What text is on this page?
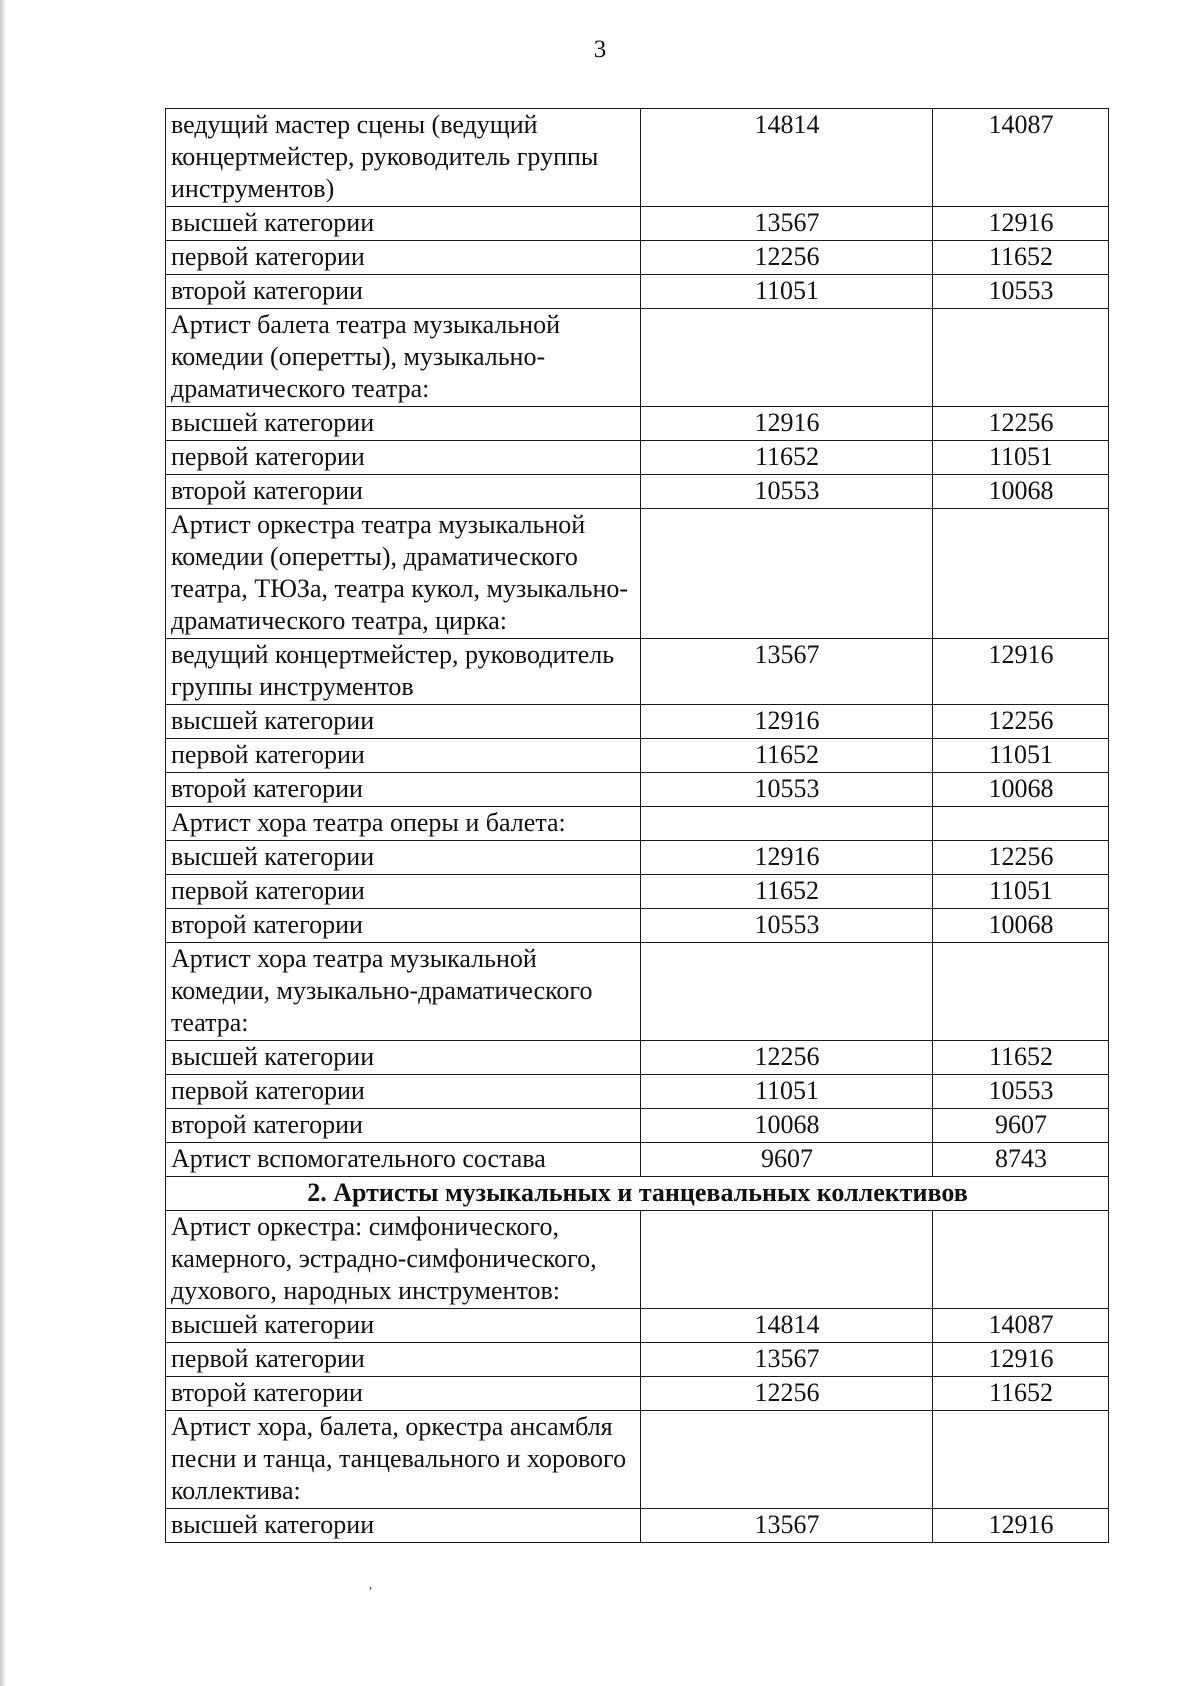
3
ведущий мастер сцены (ведущий концертмейстер, руководитель группы инструментов)	14814	14087
высшей категории	13567	12916
первой категории	12256	11652
второй категории	11051	10553
Артист балета театра музыкальной комедии (оперетты), музыкально-драматического театра:		
высшей категории	12916	12256
первой категории	11652	11051
второй категории	10553	10068
Артист оркестра театра музыкальной комедии (оперетты), драматического театра, ТЮЗа, театра кукол, музыкально-драматического театра, цирка:		
ведущий концертмейстер, руководитель группы инструментов	13567	12916
высшей категории	12916	12256
первой категории	11652	11051
второй категории	10553	10068
Артист хора театра оперы и балета:		
высшей категории	12916	12256
первой категории	11652	11051
второй категории	10553	10068
Артист хора театра музыкальной комедии, музыкально-драматического театра:		
высшей категории	12256	11652
первой категории	11051	10553
второй категории	10068	9607
Артист вспомогательного состава	9607	8743
2. Артисты музыкальных и танцевальных коллективов		
Артист оркестра: симфонического, камерного, эстрадно-симфонического, духового, народных инструментов:		
высшей категории	14814	14087
первой категории	13567	12916
второй категории	12256	11652
Артист хора, балета, оркестра ансамбля песни и танца, танцевального и хорового коллектива:		
высшей категории	13567	12916
ʼ
